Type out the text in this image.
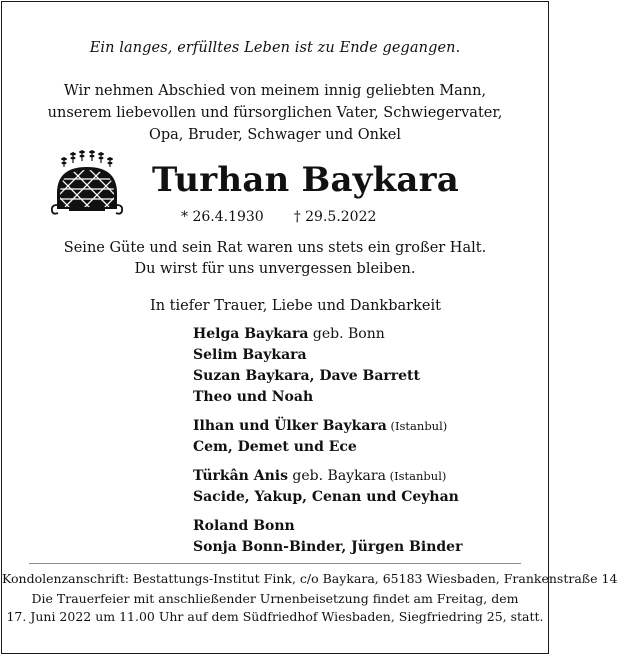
Ein langes, erfülltes Leben ist zu Ende gegangen.
Wir nehmen Abschied von meinem innig geliebten Mann,
unserem liebevollen und fürsorglichen Vater, Schwiegervater,
Opa, Bruder, Schwager und Onkel
Turhan Baykara
* 26.4.1930 † 29.5.2022
Seine Güte und sein Rat waren uns stets ein großer Halt.
Du wirst für uns unvergessen bleiben.
In tiefer Trauer, Liebe und Dankbarkeit
Helga Baykara geb. Bonn
Selim Baykara
Suzan Baykara, Dave Barrett
Theo und Noah
Ilhan und Ülker Baykara (Istanbul)
Cem, Demet und Ece
Türkân Anis geb. Baykara (Istanbul)
Sacide, Yakup, Cenan und Ceyhan
Roland Bonn
Sonja Bonn-Binder, Jürgen Binder
Kondolenzanschrift: Bestattungs-Institut Fink, c/o Baykara, 65183 Wiesbaden, Frankenstraße 14
Die Trauerfeier mit anschließender Urnenbeisetzung findet am Freitag, dem
17. Juni 2022 um 11.00 Uhr auf dem Südfriedhof Wiesbaden, Siegfriedring 25, statt.
